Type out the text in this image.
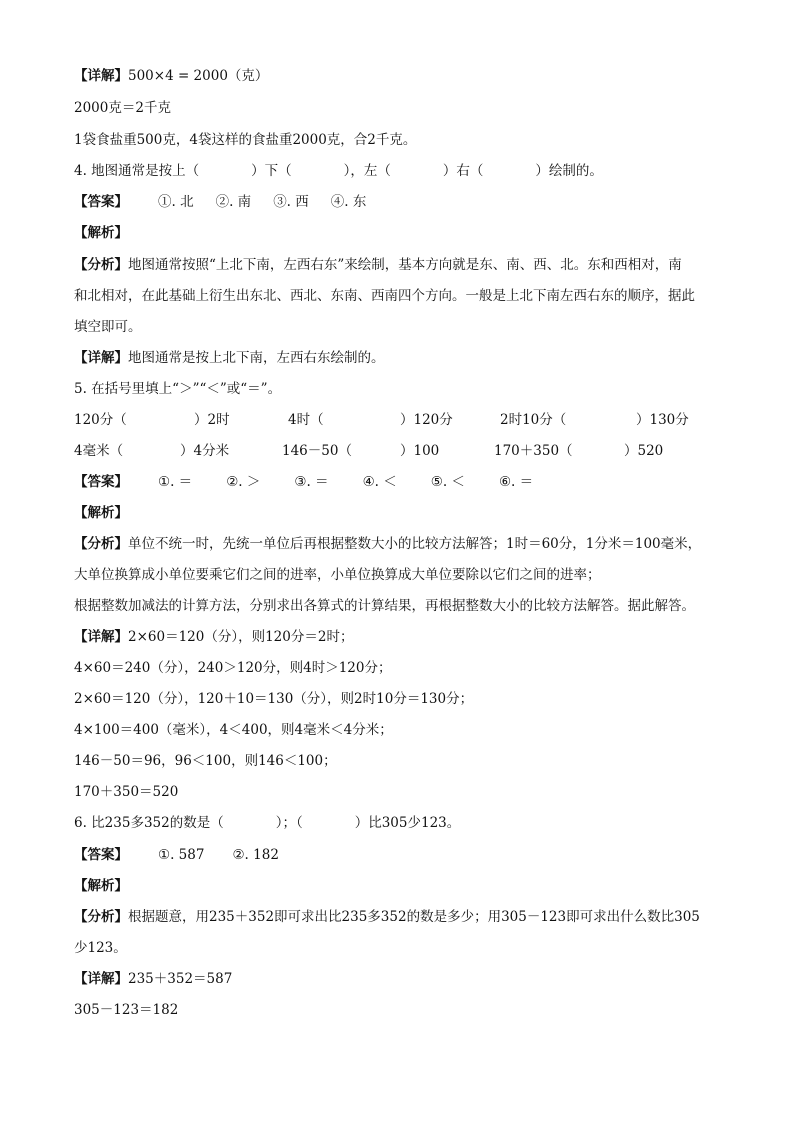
【详解】500×4 = 2000（克）
2000克＝2千克
1袋食盐重500克，4袋这样的食盐重2000克，合2千克。
4. 地图通常是按上（	）下（	），左（	）右（	）绘制的。
【答案】 ①. 北 ②. 南 ③. 西 ④. 东
【解析】
【分析】地图通常按照“上北下南，左西右东”来绘制，基本方向就是东、南、西、北。东和西相对，南
和北相对，在此基础上衍生出东北、西北、东南、西南四个方向。一般是上北下南左西右东的顺序，据此
填空即可。
【详解】地图通常是按上北下南，左西右东绘制的。
5. 在括号里填上“＞”“＜”或“＝”。
120分（	）2时	4时（	）120分	2时10分（	）130分
4毫米（	）4分米	146－50（	）100	170＋350（	）520
【答案】 ①. ＝	②. ＞	③. ＝	④. ＜	⑤. ＜	⑥. ＝
【解析】
【分析】单位不统一时，先统一单位后再根据整数大小的比较方法解答；1时＝60分，1分米＝100毫米，
大单位换算成小单位要乘它们之间的进率，小单位换算成大单位要除以它们之间的进率；
根据整数加减法的计算方法，分别求出各算式的计算结果，再根据整数大小的比较方法解答。据此解答。
【详解】2×60＝120（分），则120分＝2时；
4×60＝240（分），240＞120分，则4时＞120分；
2×60＝120（分），120＋10＝130（分），则2时10分＝130分；
4×100＝400（毫米），4＜400，则4毫米＜4分米；
146－50＝96，96＜100，则146＜100；
170＋350＝520
6. 比235多352的数是（	）；（	）比305少123。
【答案】 ①. 587 ②. 182
【解析】
【分析】根据题意，用235＋352即可求出比235多352的数是多少；用305－123即可求出什么数比305
少123。
【详解】235＋352＝587
305－123＝182
